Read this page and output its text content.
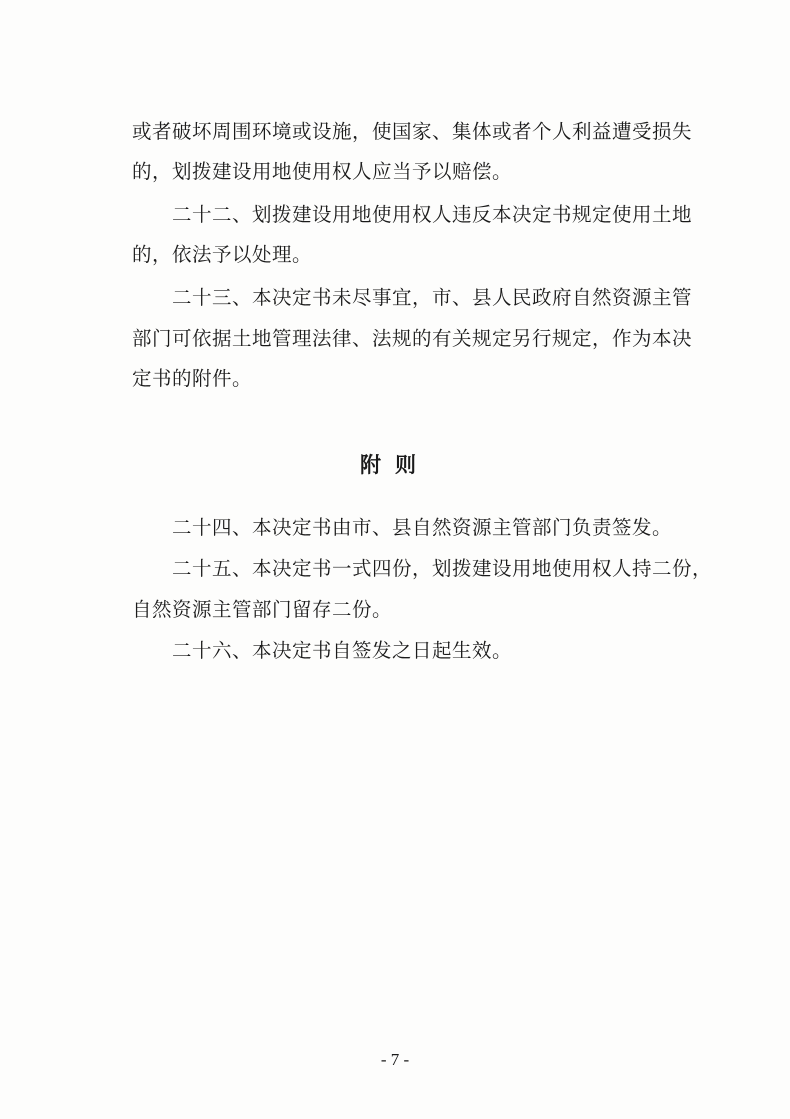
或者破坏周围环境或设施，使国家、集体或者个人利益遭受损失
的，划拨建设用地使用权人应当予以赔偿。
二十二、划拨建设用地使用权人违反本决定书规定使用土地
的，依法予以处理。
二十三、本决定书未尽事宜，市、县人民政府自然资源主管
部门可依据土地管理法律、法规的有关规定另行规定，作为本决
定书的附件。
附则
二十四、本决定书由市、县自然资源主管部门负责签发。
二十五、本决定书一式四份，划拨建设用地使用权人持二份，
自然资源主管部门留存二份。
二十六、本决定书自签发之日起生效。
- 7 -
